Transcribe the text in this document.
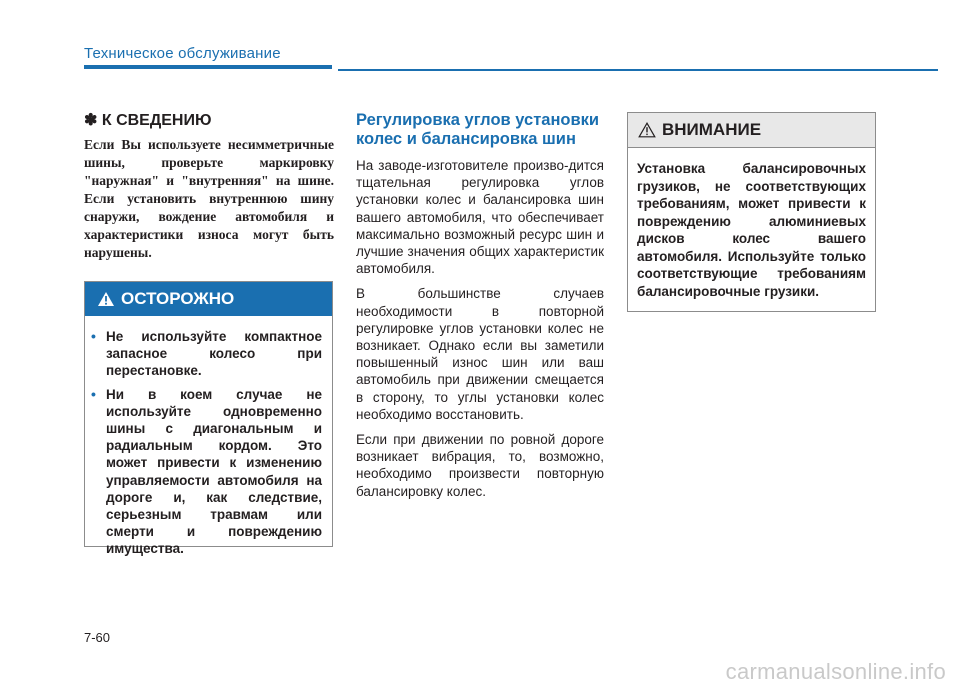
Техническое обслуживание
✽ К СВЕДЕНИЮ

Если Вы используете несимметричные шины, проверьте маркировку "наружная" и "внутренняя" на шине. Если установить внутреннюю шину снаружи, вождение автомобиля и характеристики износа могут быть нарушены.

ОСТОРОЖНО
• Не используйте компактное запасное колесо при перестановке.
• Ни в коем случае не используйте одновременно шины с диагональным и радиальным кордом. Это может привести к изменению управляемости автомобиля на дороге и, как следствие, серьезным травмам или смерти и повреждению имущества.
Регулировка углов установки колес и балансировка шин

На заводе-изготовителе произво-дится тщательная регулировка углов установки колес и балансировка шин вашего автомобиля, что обеспечивает максимально возможный ресурс шин и лучшие значения общих характеристик автомобиля.

В большинстве случаев необходимости в повторной регулировке углов установки колес не возникает. Однако если вы заметили повышенный износ шин или ваш автомобиль при движении смещается в сторону, то углы установки колес необходимо восстановить.

Если при движении по ровной дороге возникает вибрация, то, возможно, необходимо произвести повторную балансировку колес.

ВНИМАНИЕ

Установка балансировочных грузиков, не соответствующих требованиям, может привести к повреждению алюминиевых дисков колес вашего автомобиля. Используйте только соответствующие требованиям балансировочные грузики.

7-60
carmanualsonline.info
